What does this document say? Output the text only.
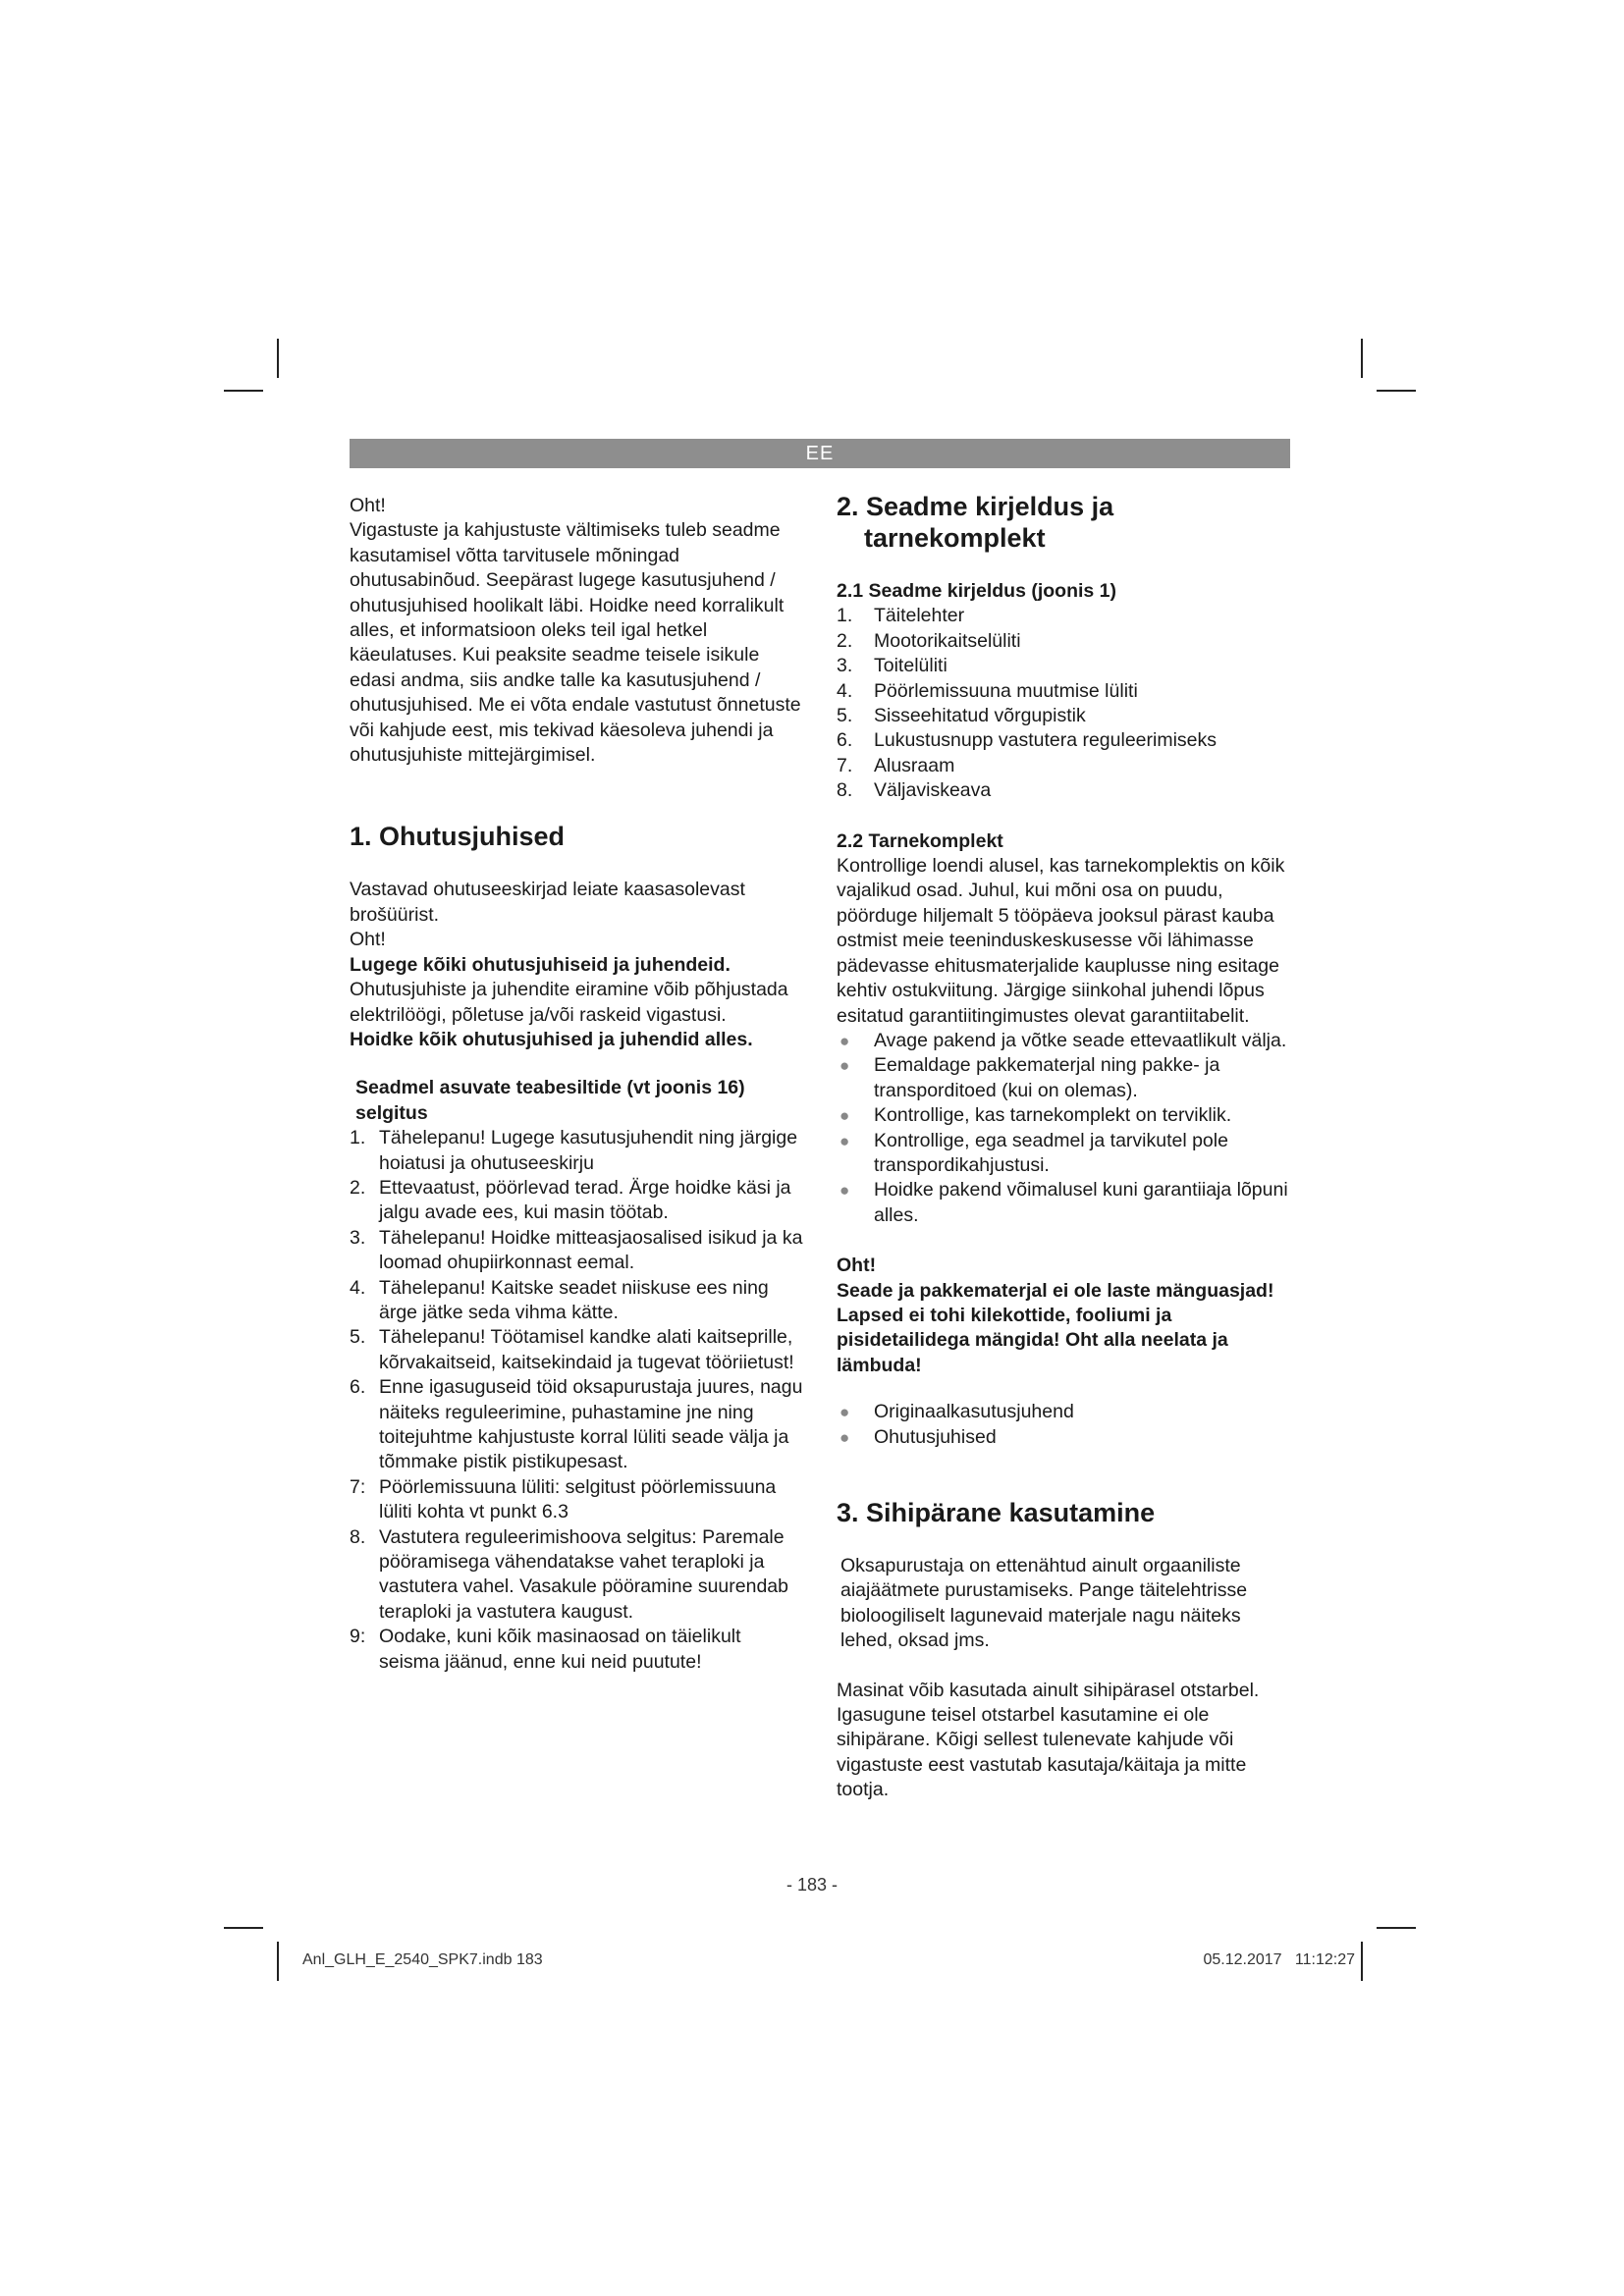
EE

Oht!

Vigastuste ja kahjustuste vältimiseks tuleb seadme kasutamisel võtta tarvitusele mõningad ohutusabinõud. Seepärast lugege kasutusjuhend / ohutusjuhised hoolikalt läbi. Hoidke need korralikult alles, et informatsioon oleks teil igal hetkel käeulatuses. Kui peaksite seadme teisele isikule edasi andma, siis andke talle ka kasutusjuhend / ohutusjuhised. Me ei võta endale vastutust õnnetuste või kahjude eest, mis tekivad käesoleva juhendi ja ohutusjuhiste mittejärgimisel.

1. Ohutusjuhised

Vastavad ohutuseeskirjad leiate kaasasolevast brošüürist.

Oht!

Lugege kõiki ohutusjuhiseid ja juhendeid.

Ohutusjuhiste ja juhendite eiramine võib põhjustada elektrilöögi, põletuse ja/või raskeid vigastusi.

Hoidke kõik ohutusjuhised ja juhendid alles.

Seadmel asuvate teabesiltide (vt joonis 16) selgitus

1. Tähelepanu! Lugege kasutusjuhendit ning järgige hoiatusi ja ohutuseeskirju
2. Ettevaatust, pöörlevad terad. Ärge hoidke käsi ja jalgu avade ees, kui masin töötab.
3. Tähelepanu! Hoidke mitteasjaosalised isikud ja ka loomad ohupiirkonnast eemal.
4. Tähelepanu! Kaitske seadet niiskuse ees ning ärge jätke seda vihma kätte.
5. Tähelepanu! Töötamisel kandke alati kaitseprille, kõrvakaitseid, kaitsekindaid ja tugevat tööriietust!
6. Enne igasuguseid töid oksapurustaja juures, nagu näiteks reguleerimine, puhastamine jne ning toitejuhtme kahjustuste korral lüliti seade välja ja tõmmake pistik pistikupesast.
7: Pöörlemissuuna lüliti: selgitust pöörlemissuuna lüliti kohta vt punkt 6.3
8. Vastutera reguleerimishoova selgitus: Paremale pööramisega vähendatakse vahet teraploki ja vastutera vahel. Vasakule pööramine suurendab teraploki ja vastutera kaugust.
9: Oodake, kuni kõik masinaosad on täielikult seisma jäänud, enne kui neid puutute!

2. Seadme kirjeldus ja tarnekomplekt

2.1 Seadme kirjeldus (joonis 1)

1. Täitelehter
2. Mootorikaitselüliti
3. Toitelüliti
4. Pöörlemissuuna muutmise lüliti
5. Sisseehitatud võrgupistik
6. Lukustusnupp vastutera reguleerimiseks
7. Alusraam
8. Väljaviskeava

2.2 Tarnekomplekt

Kontrollige loendi alusel, kas tarnekomplektis on kõik vajalikud osad. Juhul, kui mõni osa on puudu, pöörduge hiljemalt 5 tööpäeva jooksul pärast kauba ostmist meie teeninduskeskusesse või lähimasse pädevasse ehitusmaterjalide kauplusse ning esitage kehtiv ostukviitung. Järgige siinkohal juhendi lõpus esitatud garantiitingimustes olevat garantiitabelit.

● Avage pakend ja võtke seade ettevaatlikult välja.
● Eemaldage pakkematerjal ning pakke- ja transporditoed (kui on olemas).
● Kontrollige, kas tarnekomplekt on terviklik.
● Kontrollige, ega seadmel ja tarvikutel pole transpordikahjustusi.
● Hoidke pakend võimalusel kuni garantiiaja lõpuni alles.

Oht!

Seade ja pakkematerjal ei ole laste mänguasjad! Lapsed ei tohi kilekottide, fooliumi ja pisidetailidega mängida! Oht alla neelata ja lämbuda!

● Originaalkasutusjuhend
● Ohutusjuhised

3. Sihipärane kasutamine

Oksapurustaja on ettenähtud ainult orgaaniliste aiajäätmete purustamiseks. Pange täitelehtrisse bioloogiliselt lagunevaid materjale nagu näiteks lehed, oksad jms.

Masinat võib kasutada ainult sihipärasel otstarbel. Igasugune teisel otstarbel kasutamine ei ole sihipärane. Kõigi sellest tulenevate kahjude või vigastuste eest vastutab kasutaja/käitaja ja mitte tootja.

- 183 -
Anl_GLH_E_2540_SPK7.indb 183	05.12.2017   11:12:27
